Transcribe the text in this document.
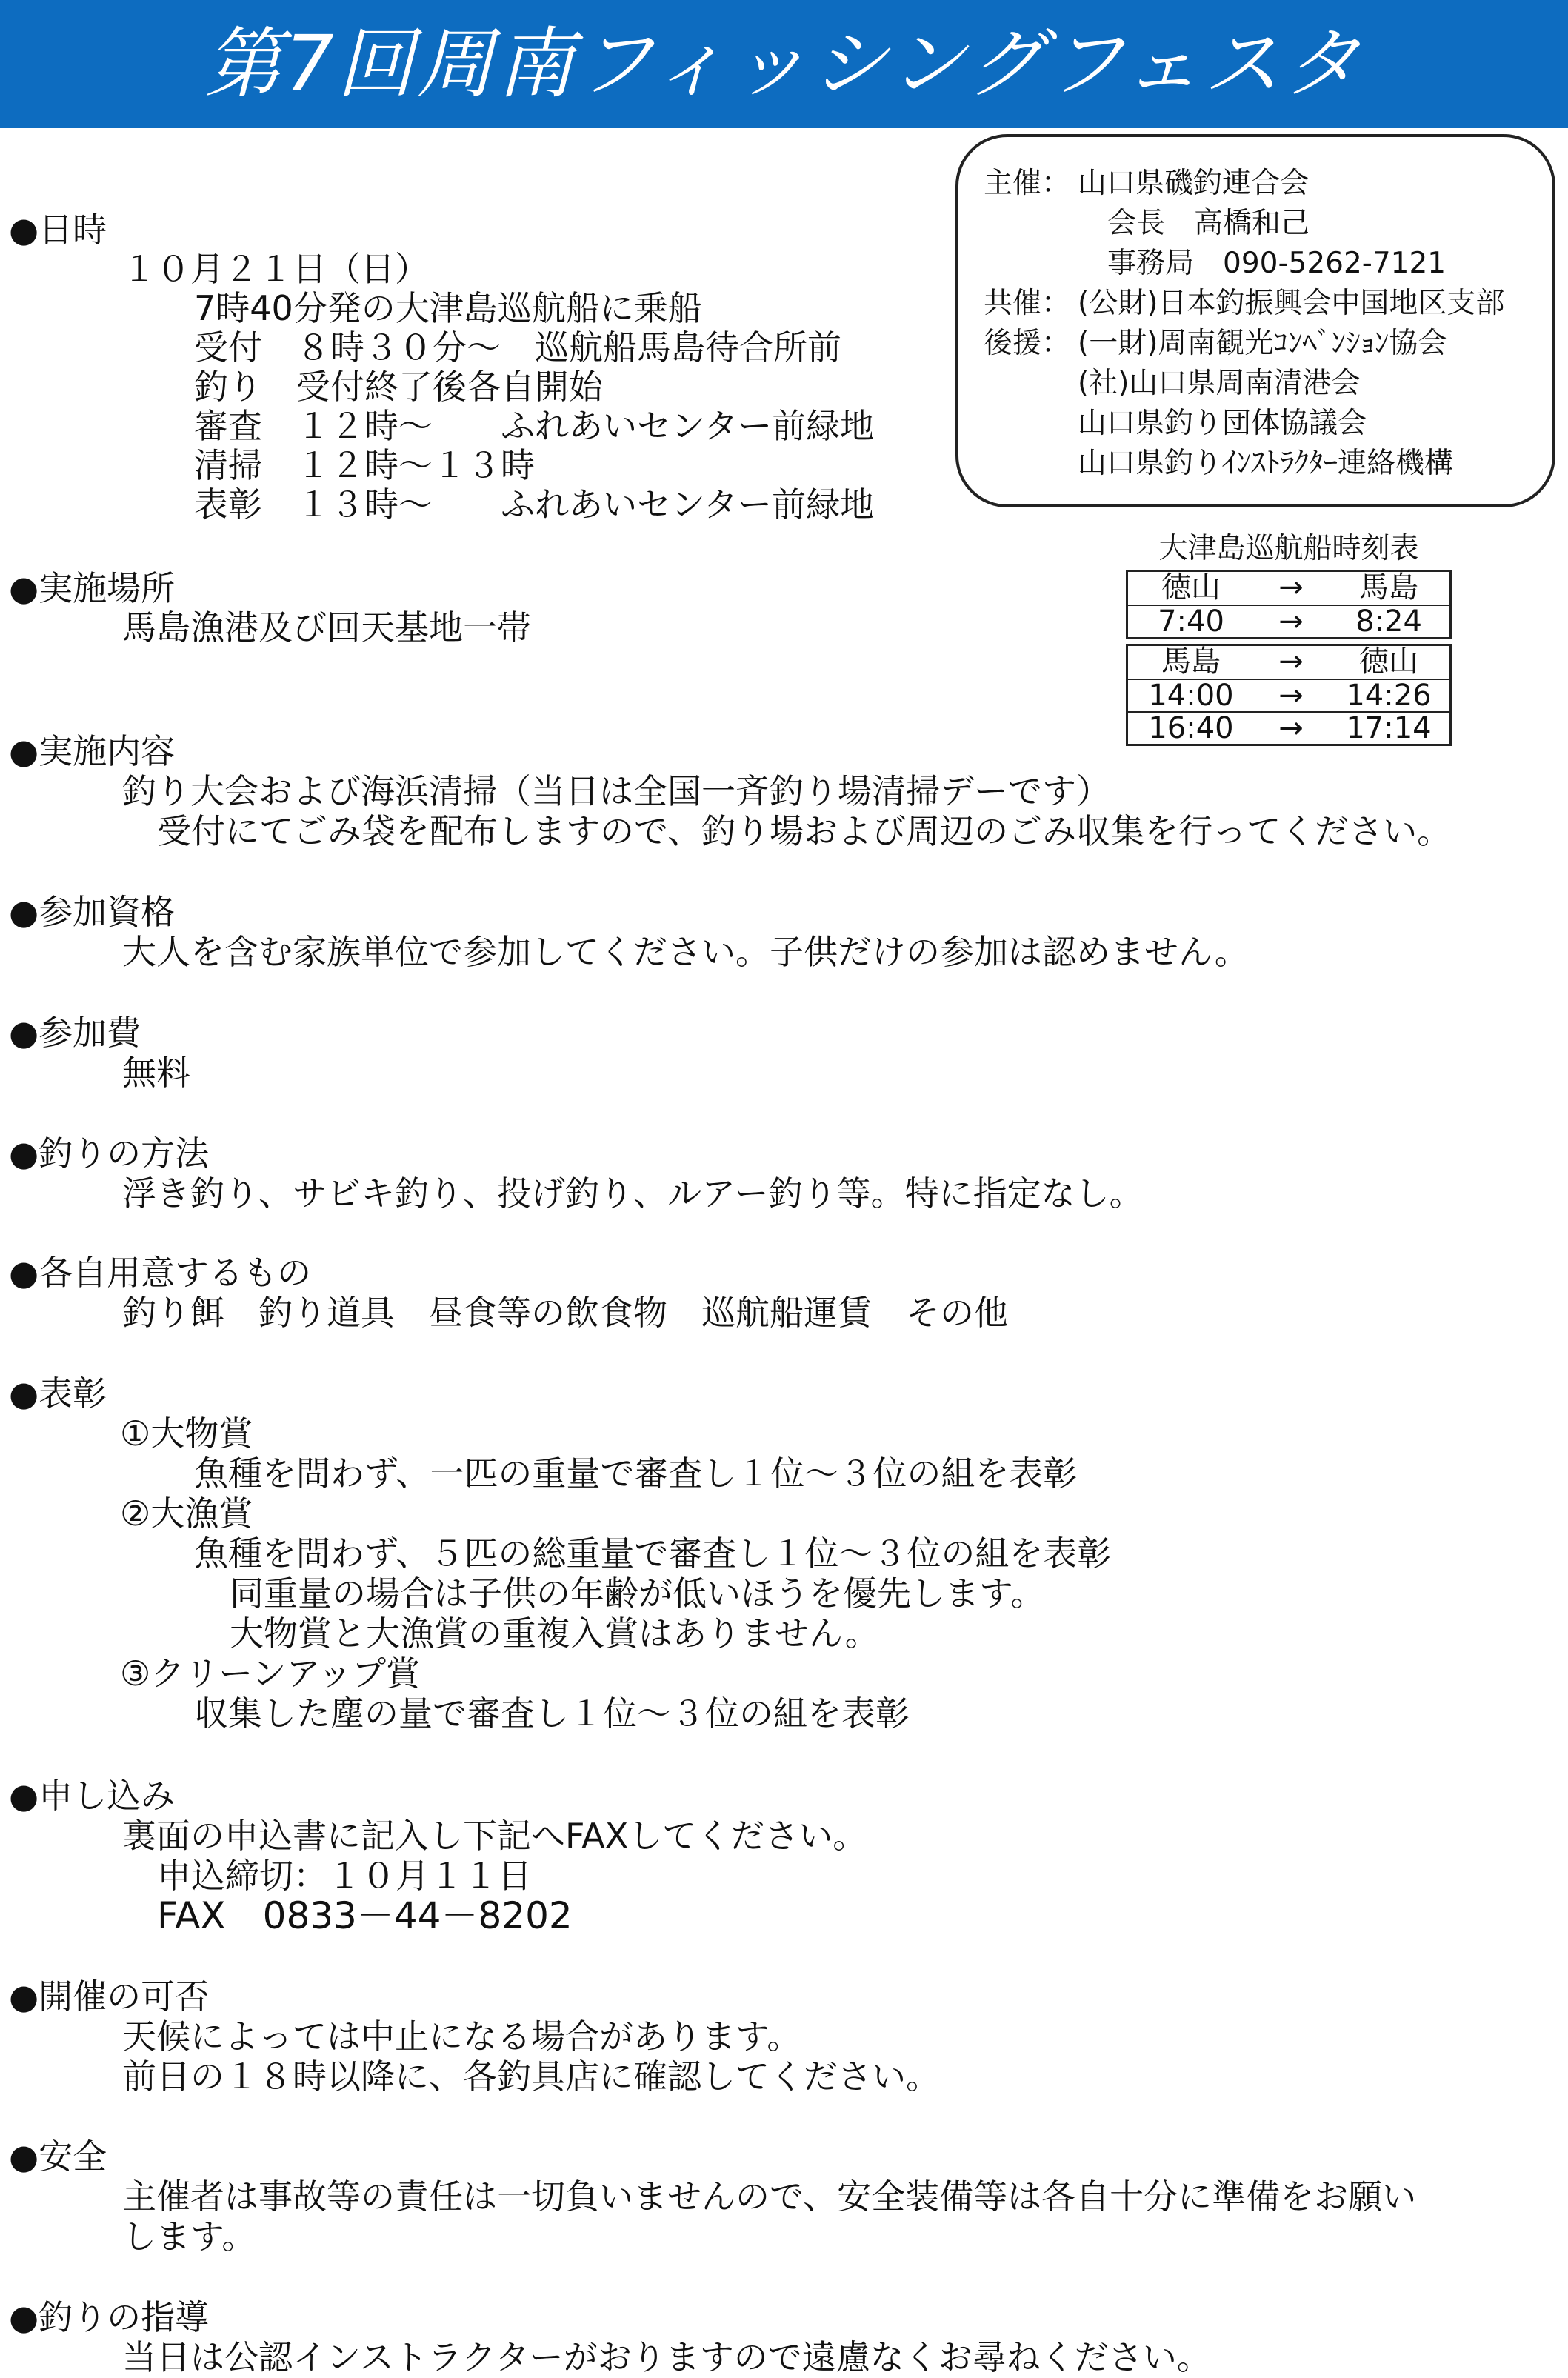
第7回周南フィッシングフェスタ
主催： 山口県磯釣連合会
会長　高橋和己
事務局　090-5262-7121
共催： (公財)日本釣振興会中国地区支部
後援： (一財)周南観光ｺﾝﾍﾞﾝｼｮﾝ協会
(社)山口県周南清港会
山口県釣り団体協議会
山口県釣りｲﾝｽﾄﾗｸﾀｰ連絡機構
大津島巡航船時刻表
徳山	→	馬島
7:40	→	8:24
馬島	→	徳山
14:00	→	14:26
16:40	→	17:14
●日時
１０月２１日（日）
7時40分発の大津島巡航船に乗船
受付　８時３０分～　巡航船馬島待合所前
釣り　受付終了後各自開始
審査　１２時～　　ふれあいセンター前緑地
清掃　１２時～１３時
表彰　１３時～　　ふれあいセンター前緑地
●実施場所
馬島漁港及び回天基地一帯
●実施内容
釣り大会および海浜清掃（当日は全国一斉釣り場清掃デーです）
受付にてごみ袋を配布しますので、釣り場および周辺のごみ収集を行ってください。
●参加資格
大人を含む家族単位で参加してください。子供だけの参加は認めません。
●参加費
無料
●釣りの方法
浮き釣り、サビキ釣り、投げ釣り、ルアー釣り等。特に指定なし。
●各自用意するもの
釣り餌　釣り道具　昼食等の飲食物　巡航船運賃　その他
●表彰
①大物賞
魚種を問わず、一匹の重量で審査し１位～３位の組を表彰
②大漁賞
魚種を問わず、５匹の総重量で審査し１位～３位の組を表彰
同重量の場合は子供の年齢が低いほうを優先します。
大物賞と大漁賞の重複入賞はありません。
③クリーンアップ賞
収集した塵の量で審査し１位～３位の組を表彰
●申し込み
裏面の申込書に記入し下記へFAXしてください。
申込締切：１０月１１日
FAX　0833－44－8202
●開催の可否
天候によっては中止になる場合があります。
前日の１８時以降に、各釣具店に確認してください。
●安全
主催者は事故等の責任は一切負いませんので、安全装備等は各自十分に準備をお願い
します。
●釣りの指導
当日は公認インストラクターがおりますので遠慮なくお尋ねください。
